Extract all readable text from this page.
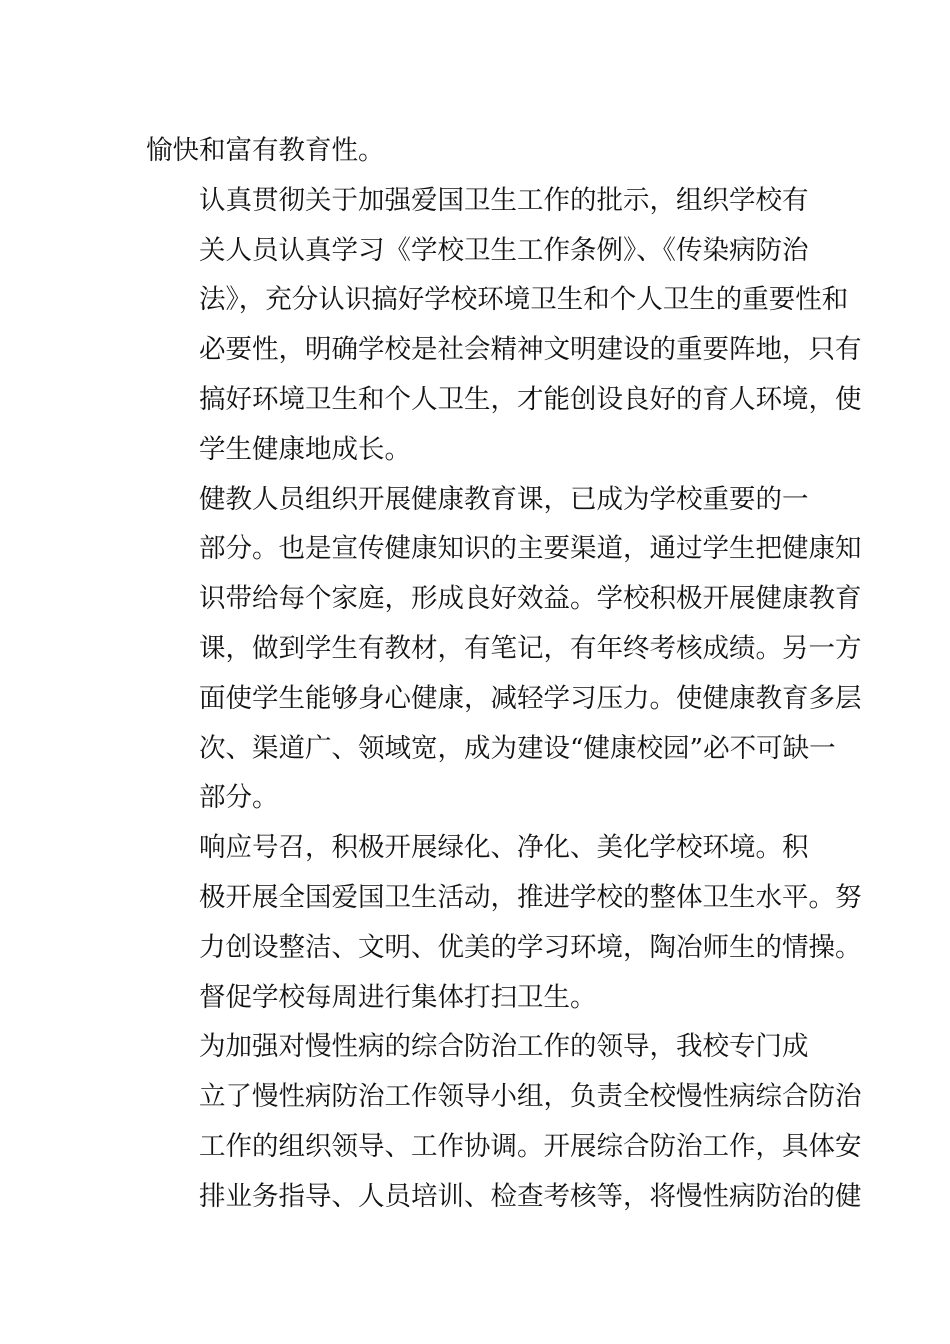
愉快和富有教育性。

认真贯彻关于加强爱国卫生工作的批示，组织学校有
关人员认真学习《学校卫生工作条例》、《传染病防治
法》，充分认识搞好学校环境卫生和个人卫生的重要性和
必要性，明确学校是社会精神文明建设的重要阵地，只有
搞好环境卫生和个人卫生，才能创设良好的育人环境，使
学生健康地成长。

健教人员组织开展健康教育课，已成为学校重要的一
部分。也是宣传健康知识的主要渠道，通过学生把健康知
识带给每个家庭，形成良好效益。学校积极开展健康教育
课，做到学生有教材，有笔记，有年终考核成绩。另一方
面使学生能够身心健康，减轻学习压力。使健康教育多层
次、渠道广、领域宽，成为建设“健康校园”必不可缺一
部分。

响应号召，积极开展绿化、净化、美化学校环境。积
极开展全国爱国卫生活动，推进学校的整体卫生水平。努
力创设整洁、文明、优美的学习环境，陶冶师生的情操。
督促学校每周进行集体打扫卫生。

为加强对慢性病的综合防治工作的领导，我校专门成
立了慢性病防治工作领导小组，负责全校慢性病综合防治
工作的组织领导、工作协调。开展综合防治工作，具体安
排业务指导、人员培训、检查考核等，将慢性病防治的健
